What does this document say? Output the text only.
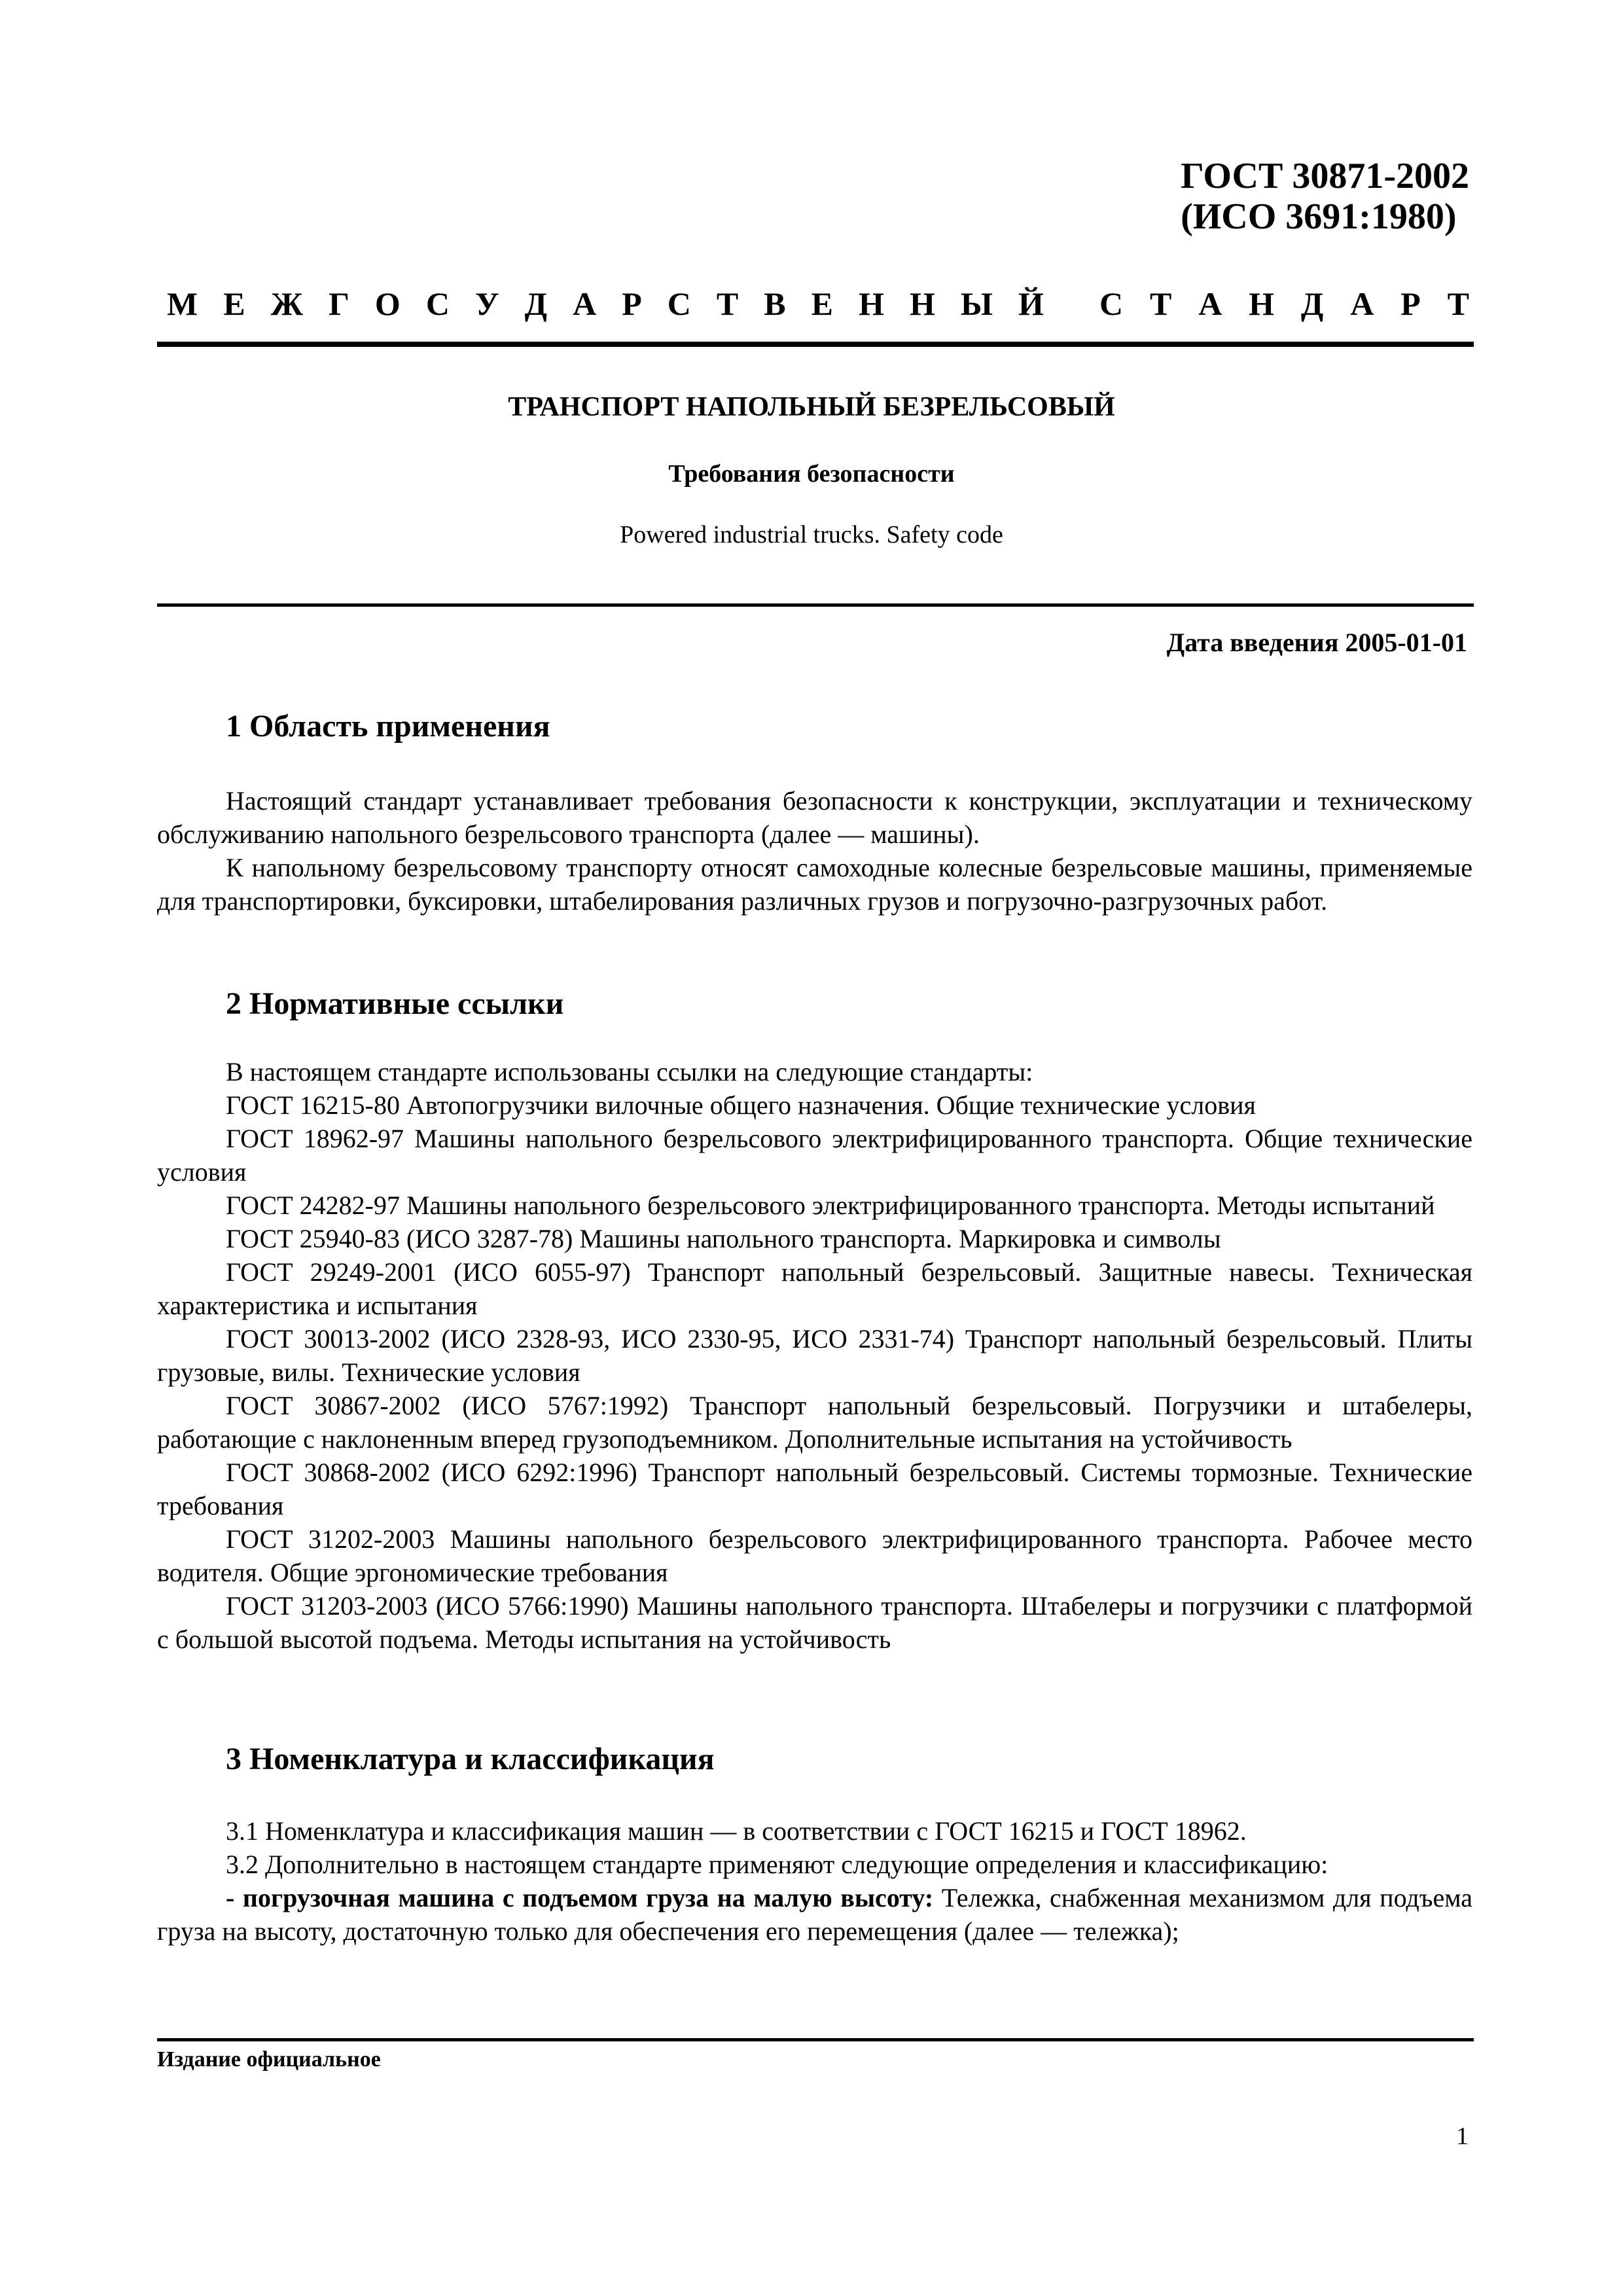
ГОСТ 30871-2002
(ИСО 3691:1980)
М Е Ж Г О С У Д А Р С Т В Е Н Н Ы Й С Т А Н Д А Р Т
ТРАНСПОРТ НАПОЛЬНЫЙ БЕЗРЕЛЬСОВЫЙ
Требования безопасности
Powered industrial trucks. Safety code
Дата введения 2005-01-01
1 Область применения

Настоящий стандарт устанавливает требования безопасности к конструкции, эксплуатации и техническому обслуживанию напольного безрельсового транспорта (далее — машины).

К напольному безрельсовому транспорту относят самоходные колесные безрельсовые машины, применяемые для транспортировки, буксировки, штабелирования различных грузов и погрузочно-разгрузочных работ.

2 Нормативные ссылки

В настоящем стандарте использованы ссылки на следующие стандарты:

ГОСТ 16215-80 Автопогрузчики вилочные общего назначения. Общие технические условия

ГОСТ 18962-97 Машины напольного безрельсового электрифицированного транспорта. Общие технические условия

ГОСТ 24282-97 Машины напольного безрельсового электрифицированного транспорта. Методы испытаний

ГОСТ 25940-83 (ИСО 3287-78) Машины напольного транспорта. Маркировка и символы

ГОСТ 29249-2001 (ИСО 6055-97) Транспорт напольный безрельсовый. Защитные навесы. Техническая характеристика и испытания

ГОСТ 30013-2002 (ИСО 2328-93, ИСО 2330-95, ИСО 2331-74) Транспорт напольный безрельсовый. Плиты грузовые, вилы. Технические условия

ГОСТ 30867-2002 (ИСО 5767:1992) Транспорт напольный безрельсовый. Погрузчики и штабелеры, работающие с наклоненным вперед грузоподъемником. Дополнительные испытания на устойчивость

ГОСТ 30868-2002 (ИСО 6292:1996) Транспорт напольный безрельсовый. Системы тормозные. Технические требования

ГОСТ 31202-2003 Машины напольного безрельсового электрифицированного транспорта. Рабочее место водителя. Общие эргономические требования

ГОСТ 31203-2003 (ИСО 5766:1990) Машины напольного транспорта. Штабелеры и погрузчики с платформой с большой высотой подъема. Методы испытания на устойчивость

3 Номенклатура и классификация

3.1 Номенклатура и классификация машин — в соответствии с ГОСТ 16215 и ГОСТ 18962.

3.2 Дополнительно в настоящем стандарте применяют следующие определения и классификацию:

- погрузочная машина с подъемом груза на малую высоту: Тележка, снабженная механизмом для подъема груза на высоту, достаточную только для обеспечения его перемещения (далее — тележка);

Издание официальное
1
